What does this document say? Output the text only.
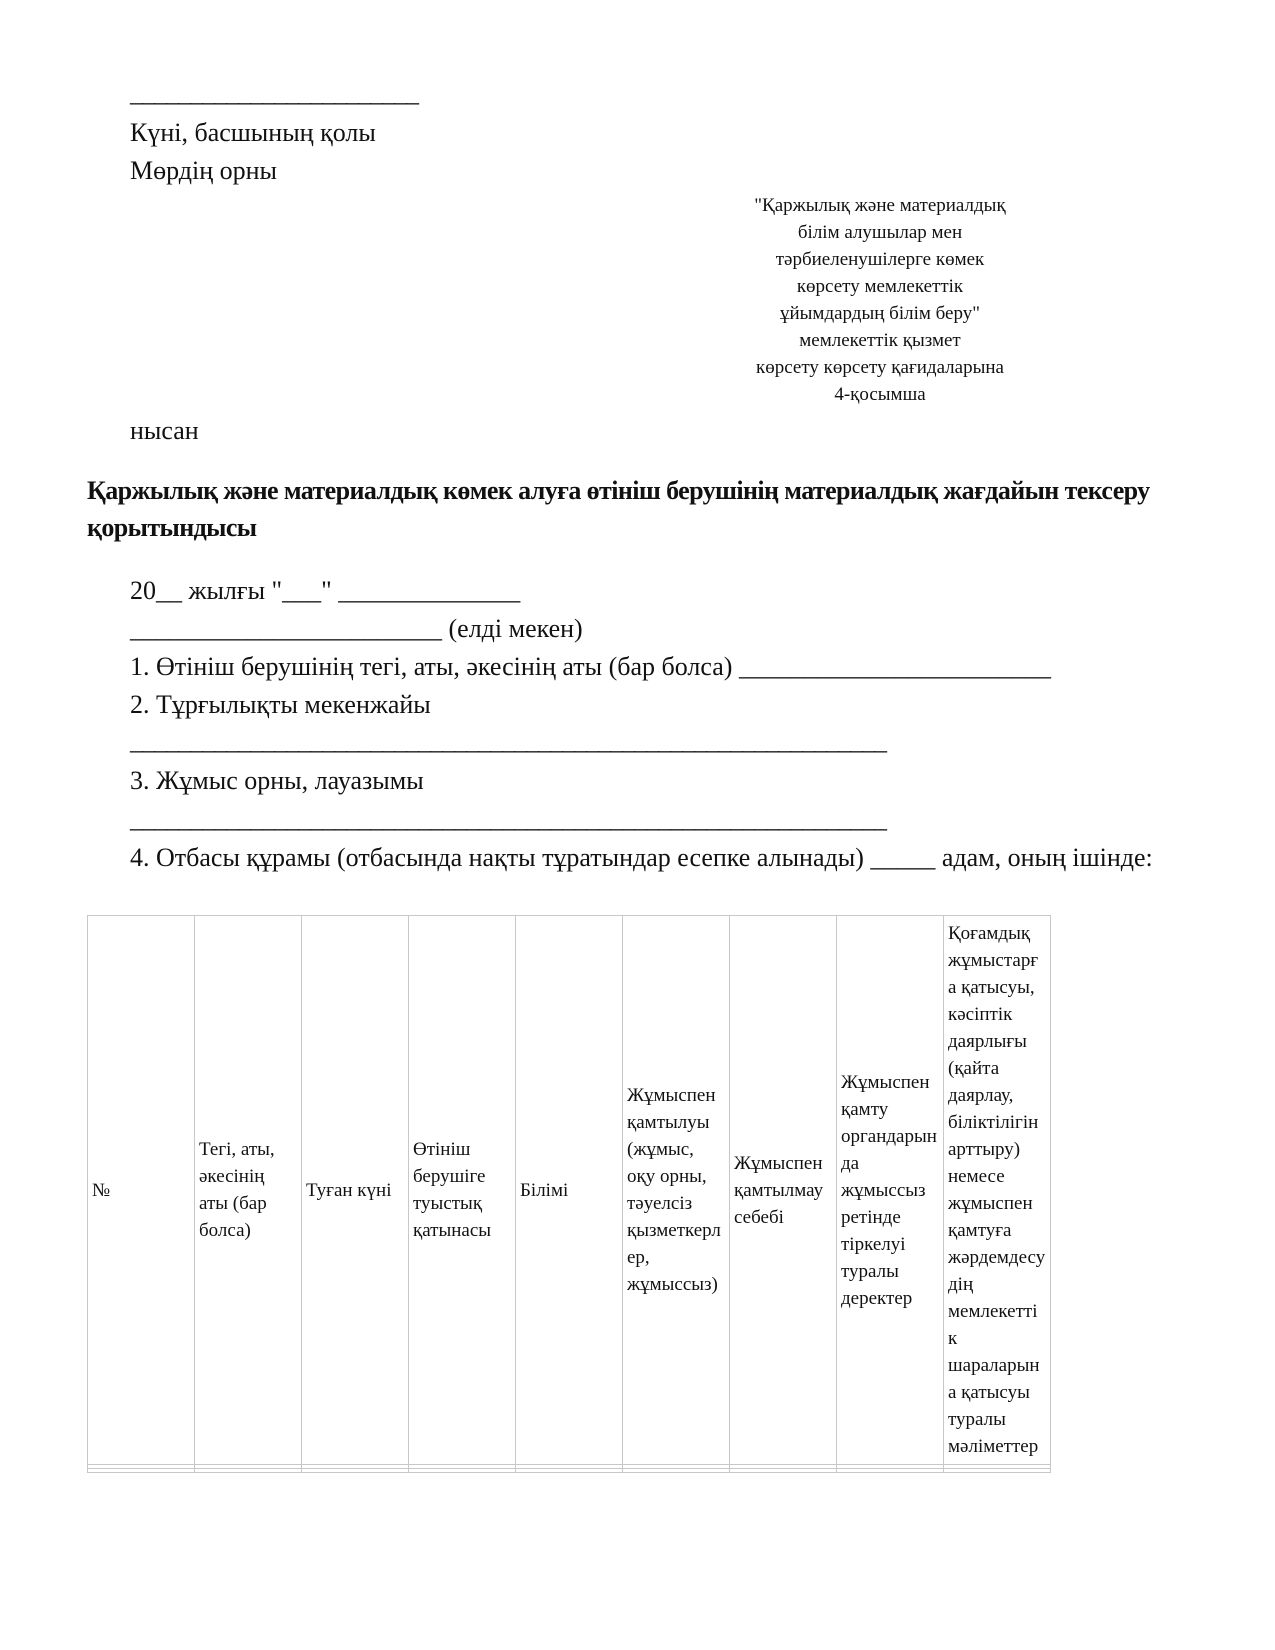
________________________
Күні, басшының қолы
Мөрдің орны
"Қаржылық және материалдық
білім алушылар мен
тәрбиеленушілерге көмек
көрсету мемлекеттік
ұйымдардың білім беру"
мемлекеттік қызмет
көрсету көрсету қағидаларына
4-қосымша
нысан
Қаржылық және материалдық көмек алуға өтініш берушінің материалдық жағдайын тексеру қорытындысы
20__ жылғы "___" ______________
________________________ (елді мекен)
1. Өтініш берушінің тегі, аты, әкесінің аты (бар болса) ________________________
2. Тұрғылықты мекенжайы
_______________________________________________________________
3. Жұмыс орны, лауазымы
_______________________________________________________________
4. Отбасы құрамы (отбасында нақты тұратындар есепке алынады) _____ адам, оның ішінде:
№	Тегі, аты, әкесінің аты (бар болса)	Туған күні	Өтініш берушіге туыстық қатынасы	Білімі	Жұмыспен қамтылуы (жұмыс, оқу орны, тәуелсіз қызметкерлер, жұмыссыз)	Жұмыспен қамтылмау себебі	Жұмыспен қамту органдарында жұмыссыз ретінде тіркелуі туралы деректер	Қоғамдық жұмыстарға қатысуы, кәсіптік даярлығы (қайта даярлау, біліктілігін арттыру) немесе жұмыспен қамтуға жәрдемдесудің мемлекеттік шараларына қатысуы туралы мәліметтер
